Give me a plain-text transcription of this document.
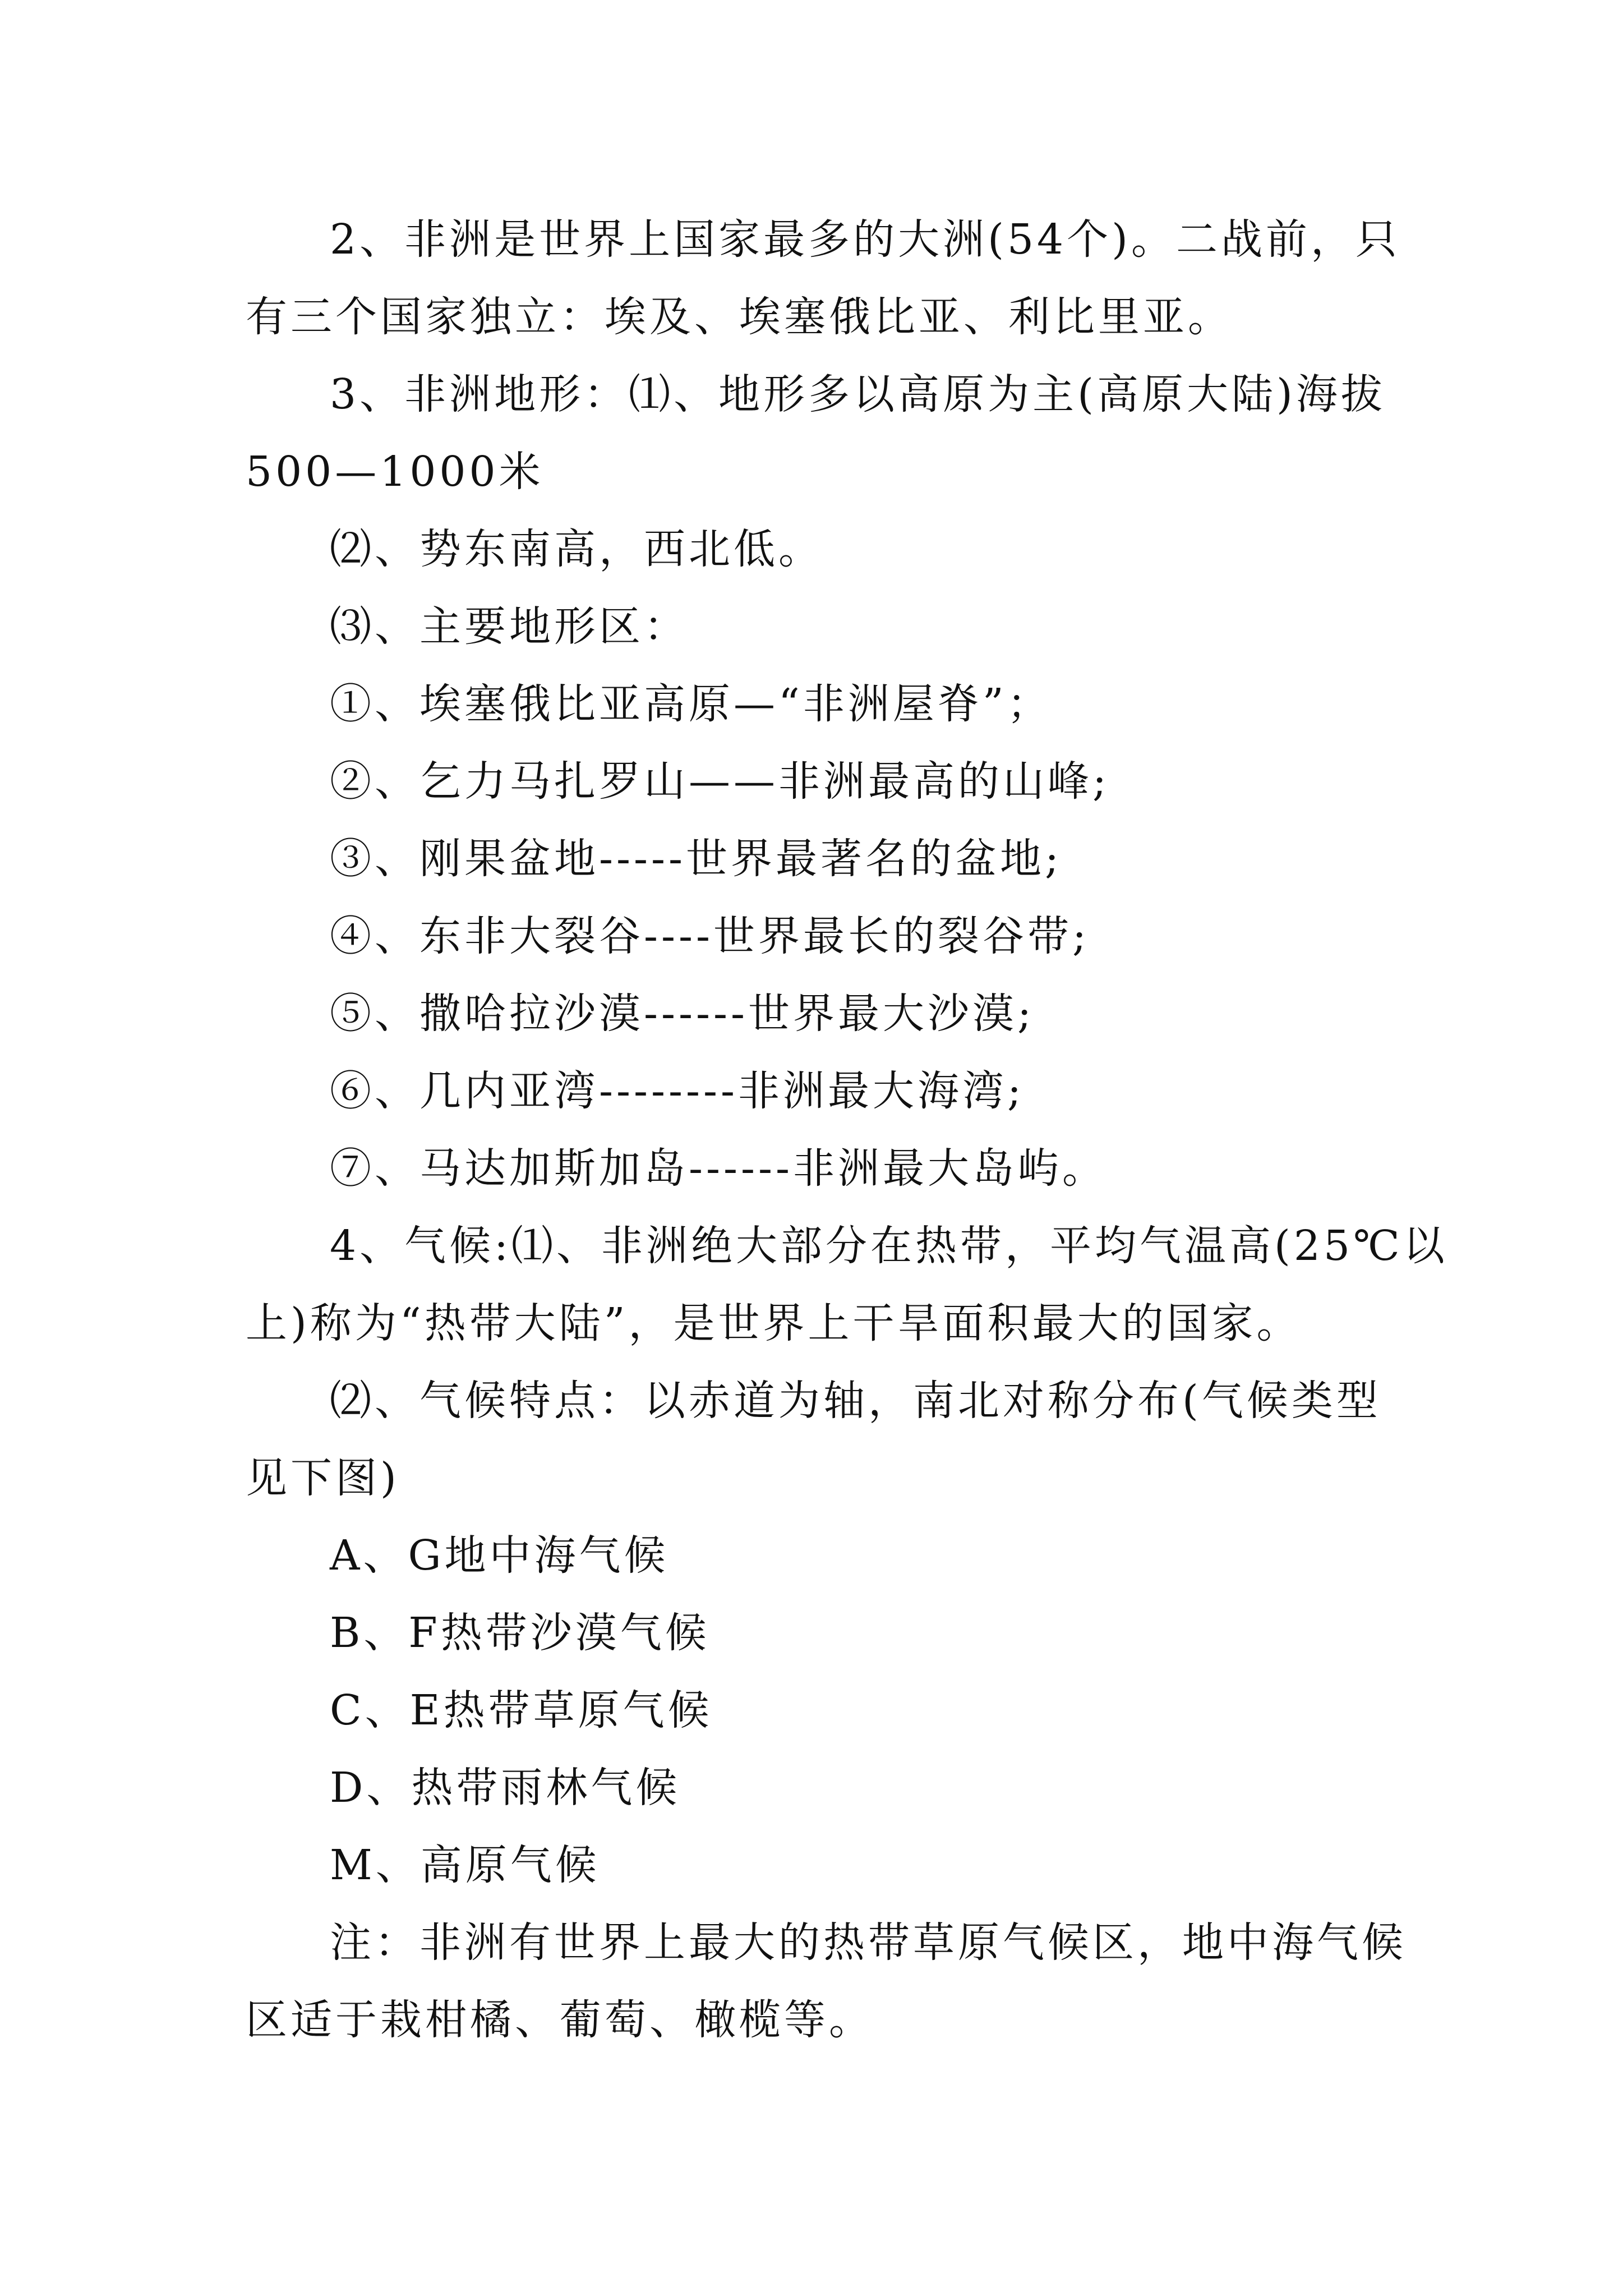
2、非洲是世界上国家最多的大洲(54个)。二战前，只
有三个国家独立：埃及、埃塞俄比亚、利比里亚。
3、非洲地形：⑴、地形多以高原为主(高原大陆)海拔
500—1000米
⑵、势东南高，西北低。
⑶、主要地形区：
①、埃塞俄比亚高原—“非洲屋脊”；
②、乞力马扎罗山——非洲最高的山峰;
③、刚果盆地-----世界最著名的盆地;
④、东非大裂谷----世界最长的裂谷带;
⑤、撒哈拉沙漠------世界最大沙漠;
⑥、几内亚湾--------非洲最大海湾;
⑦、马达加斯加岛------非洲最大岛屿。
4、气候:⑴、非洲绝大部分在热带，平均气温高(25℃以
上)称为“热带大陆”，是世界上干旱面积最大的国家。
⑵、气候特点：以赤道为轴，南北对称分布(气候类型
见下图)
A、G地中海气候
B、F热带沙漠气候
C、E热带草原气候
D、热带雨林气候
M、高原气候
注：非洲有世界上最大的热带草原气候区，地中海气候
区适于栽柑橘、葡萄、橄榄等。
